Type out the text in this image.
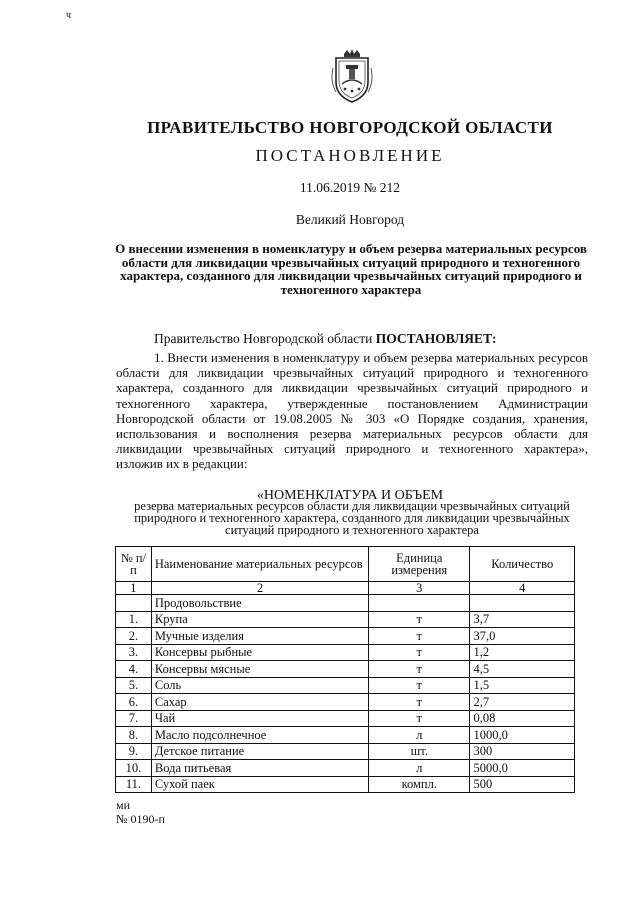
ч
ПРАВИТЕЛЬСТВО НОВГОРОДСКОЙ ОБЛАСТИ
ПОСТАНОВЛЕНИЕ
11.06.2019 № 212
Великий Новгород
О внесении изменения в номенклатуру и объем резерва материальных ресурсов области для ликвидации чрезвычайных ситуаций природного и техногенного характера, созданного для ликвидации чрезвычайных ситуаций природного и техногенного характера
Правительство Новгородской области ПОСТАНОВЛЯЕТ:
1. Внести изменения в номенклатуру и объем резерва материальных ресурсов области для ликвидации чрезвычайных ситуаций природного и техногенного характера, созданного для ликвидации чрезвычайных ситуаций природного и техногенного характера, утвержденные постановлением Администрации Новгородской области от 19.08.2005 № 303 «О Порядке создания, хранения, использования и восполнения резерва материальных ресурсов области для ликвидации чрезвычайных ситуаций природного и техногенного характера», изложив их в редакции:
«НОМЕНКЛАТУРА И ОБЪЕМ
резерва материальных ресурсов области для ликвидации чрезвычайных ситуаций природного и техногенного характера, созданного для ликвидации чрезвычайных ситуаций природного и техногенного характера
№ п/п	Наименование материальных ресурсов	Единица измерения	Количество
1	2	3	4
	Продовольствие		
1.	Крупа	т	3,7
2.	Мучные изделия	т	37,0
3.	Консервы рыбные	т	1,2
4.	Консервы мясные	т	4,5
5.	Соль	т	1,5
6.	Сахар	т	2,7
7.	Чай	т	0,08
8.	Масло подсолнечное	л	1000,0
9.	Детское питание	шт.	300
10.	Вода питьевая	л	5000,0
11.	Сухой паек	компл.	500
ми
№ 0190-п
